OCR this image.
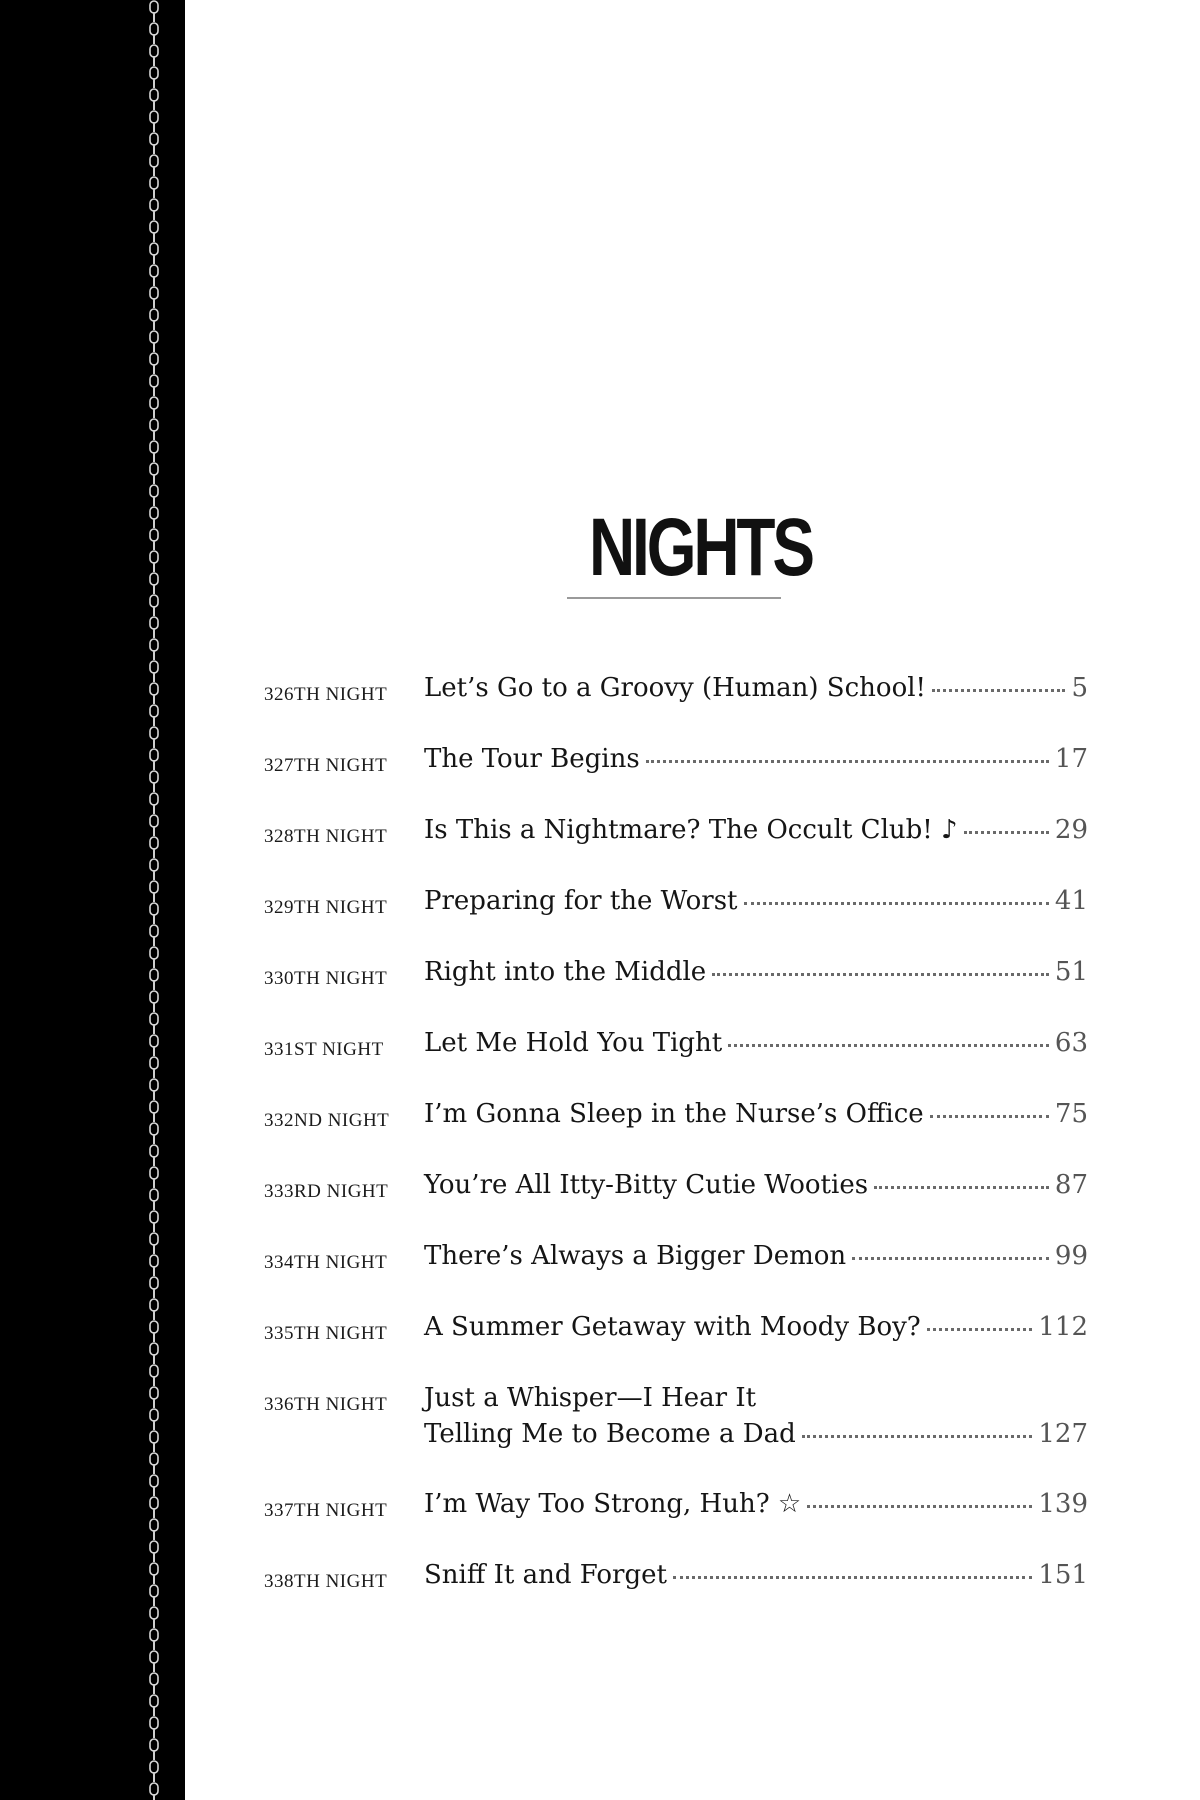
NIGHTS
326TH NIGHT	Let’s Go to a Groovy (Human) School!	5
327TH NIGHT	The Tour Begins	17
328TH NIGHT	Is This a Nightmare? The Occult Club! ♪	29
329TH NIGHT	Preparing for the Worst	41
330TH NIGHT	Right into the Middle	51
331ST NIGHT	Let Me Hold You Tight	63
332ND NIGHT	I’m Gonna Sleep in the Nurse’s Office	75
333RD NIGHT	You’re All Itty-Bitty Cutie Wooties	87
334TH NIGHT	There’s Always a Bigger Demon	99
335TH NIGHT	A Summer Getaway with Moody Boy?	112
336TH NIGHT	Just a Whisper—I Hear It
Telling Me to Become a Dad	127
337TH NIGHT	I’m Way Too Strong, Huh? ☆	139
338TH NIGHT	Sniff It and Forget	151
